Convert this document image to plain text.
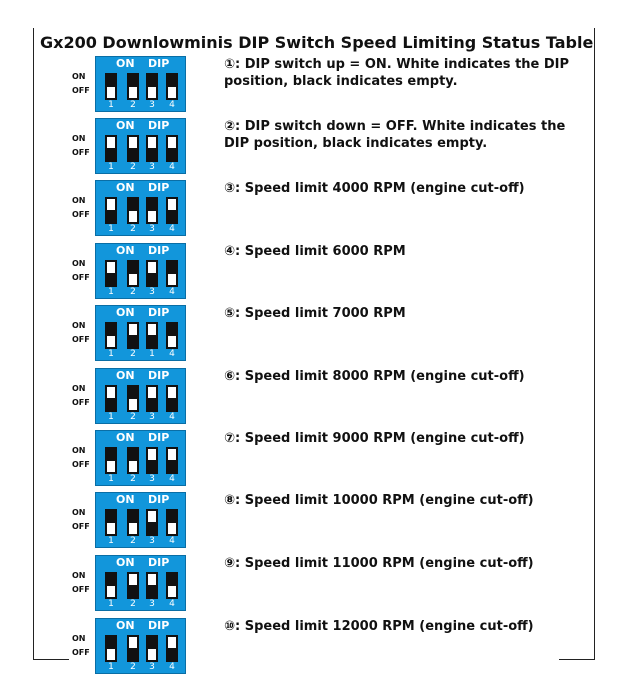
Gx200 Downlowminis DIP Switch Speed Limiting Status Table
ON
OFF
ON DIP
1	2	3	4
①: DIP switch up = ON. White indicates the DIP position, black indicates empty.
ON
OFF
ON DIP
1	2	3	4
②: DIP switch down = OFF. White indicates the DIP position, black indicates empty.
ON
OFF
ON DIP
1	2	3	4
③: Speed limit 4000 RPM (engine cut-off)
ON
OFF
ON DIP
1	2	3	4
④: Speed limit 6000 RPM
ON
OFF
ON DIP
1	2	1	4
⑤: Speed limit 7000 RPM
ON
OFF
ON DIP
1	2	3	4
⑥: Speed limit 8000 RPM (engine cut-off)
ON
OFF
ON DIP
1	2	3	4
⑦: Speed limit 9000 RPM (engine cut-off)
ON
OFF
ON DIP
1	2	3	4
⑧: Speed limit 10000 RPM (engine cut-off)
ON
OFF
ON DIP
1	2	3	4
⑨: Speed limit 11000 RPM (engine cut-off)
ON
OFF
ON DIP
1	2	3	4
⑩: Speed limit 12000 RPM (engine cut-off)
